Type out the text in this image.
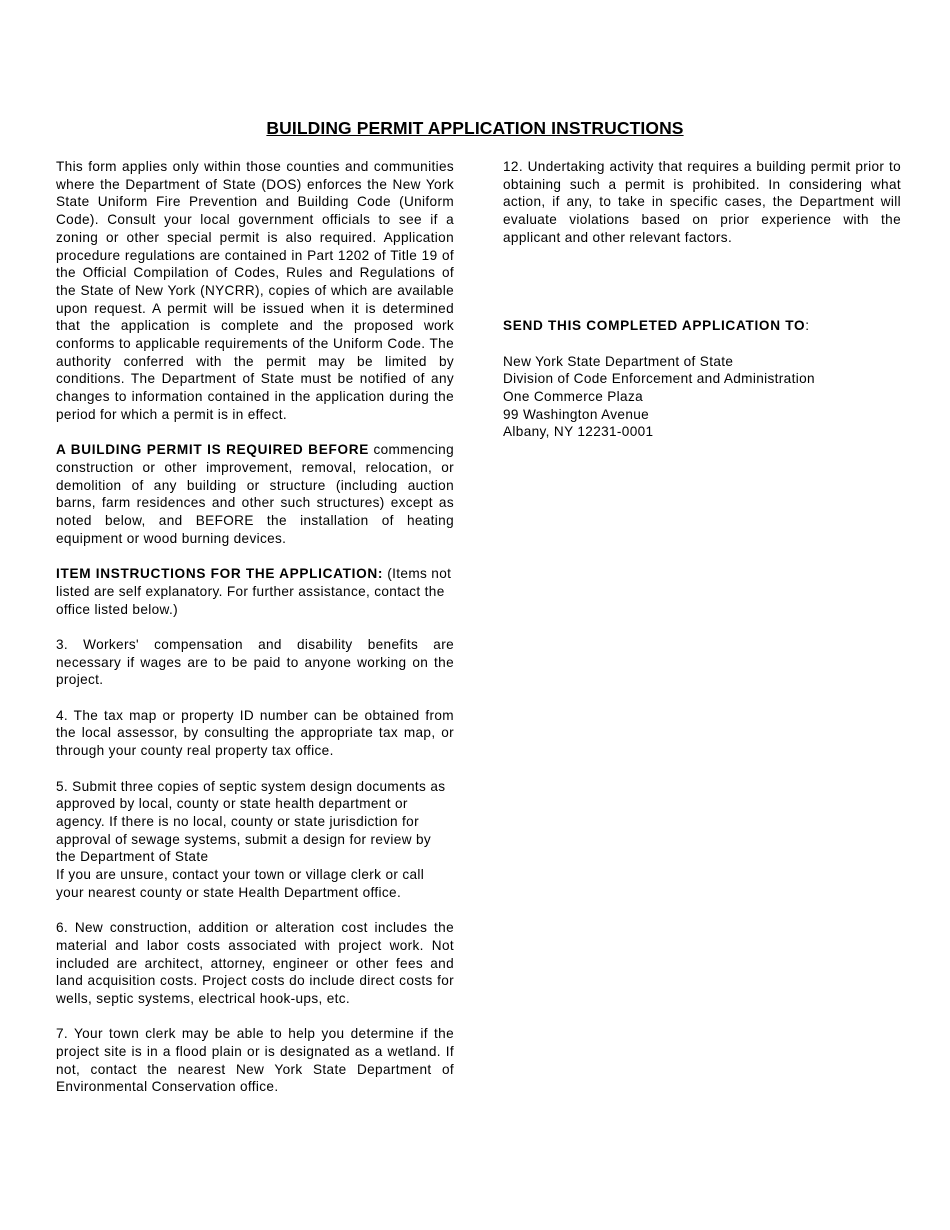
BUILDING PERMIT APPLICATION INSTRUCTIONS

This form applies only within those counties and communities where the Department of State (DOS) enforces the New York State Uniform Fire Prevention and Building Code (Uniform Code). Consult your local government officials to see if a zoning or other special permit is also required. Application procedure regulations are contained in Part 1202 of Title 19 of the Official Compilation of Codes, Rules and Regulations of the State of New York (NYCRR), copies of which are available upon request. A permit will be issued when it is determined that the application is complete and the proposed work conforms to applicable requirements of the Uniform Code. The authority conferred with the permit may be limited by conditions. The Department of State must be notified of any changes to information contained in the application during the period for which a permit is in effect.

A BUILDING PERMIT IS REQUIRED BEFORE commencing construction or other improvement, removal, relocation, or demolition of any building or structure (including auction barns, farm residences and other such structures) except as noted below, and BEFORE the installation of heating equipment or wood burning devices.

ITEM INSTRUCTIONS FOR THE APPLICATION: (Items not listed are self explanatory. For further assistance, contact the office listed below.)

3. Workers' compensation and disability benefits are necessary if wages are to be paid to anyone working on the project.

4. The tax map or property ID number can be obtained from the local assessor, by consulting the appropriate tax map, or through your county real property tax office.

5. Submit three copies of septic system design documents as approved by local, county or state health department or agency. If there is no local, county or state jurisdiction for approval of sewage systems, submit a design for review by the Department of State

If you are unsure, contact your town or village clerk or call your nearest county or state Health Department office.

6. New construction, addition or alteration cost includes the material and labor costs associated with project work. Not included are architect, attorney, engineer or other fees and land acquisition costs. Project costs do include direct costs for wells, septic systems, electrical hook-ups, etc.

7. Your town clerk may be able to help you determine if the project site is in a flood plain or is designated as a wetland. If not, contact the nearest New York State Department of Environmental Conservation office.

12. Undertaking activity that requires a building permit prior to obtaining such a permit is prohibited. In considering what action, if any, to take in specific cases, the Department will evaluate violations based on prior experience with the applicant and other relevant factors.

SEND THIS COMPLETED APPLICATION TO:

New York State Department of State
Division of Code Enforcement and Administration
One Commerce Plaza
99 Washington Avenue
Albany, NY 12231-0001
